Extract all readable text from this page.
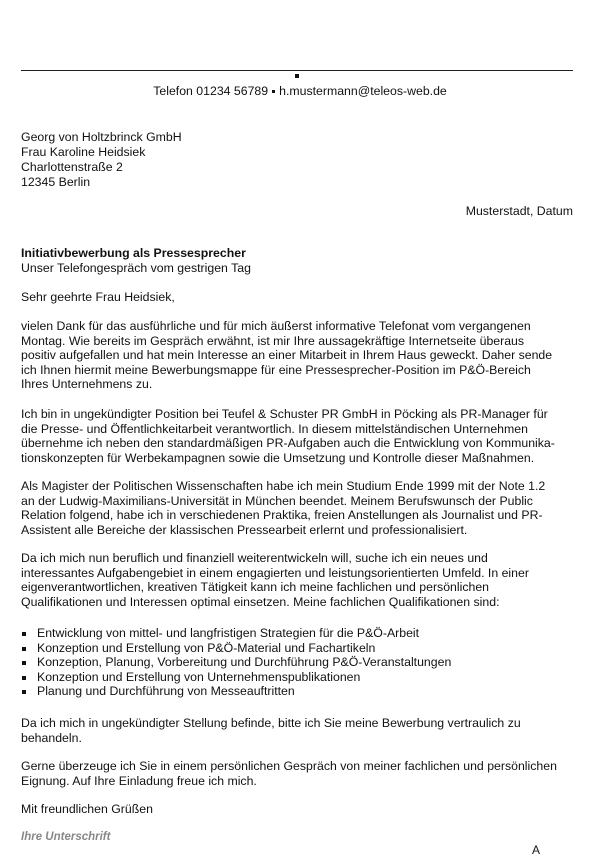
Telefon 01234 56789 h.mustermann@teleos-web.de
Georg von Holtzbrinck GmbH
Frau Karoline Heidsiek
Charlottenstraße 2
12345 Berlin
Musterstadt, Datum
Initiativbewerbung als Pressesprecher
Unser Telefongespräch vom gestrigen Tag
Sehr geehrte Frau Heidsiek,
vielen Dank für das ausführliche und für mich äußerst informative Telefonat vom vergangenen
Montag. Wie bereits im Gespräch erwähnt, ist mir Ihre aussagekräftige Internetseite überaus
positiv aufgefallen und hat mein Interesse an einer Mitarbeit in Ihrem Haus geweckt. Daher sende
ich Ihnen hiermit meine Bewerbungsmappe für eine Pressesprecher-Position im P&Ö-Bereich
Ihres Unternehmens zu.
Ich bin in ungekündigter Position bei Teufel & Schuster PR GmbH in Pöcking als PR-Manager für
die Presse- und Öffentlichkeitarbeit verantwortlich. In diesem mittelständischen Unternehmen
übernehme ich neben den standardmäßigen PR-Aufgaben auch die Entwicklung von Kommunika-
tionskonzepten für Werbekampagnen sowie die Umsetzung und Kontrolle dieser Maßnahmen.
Als Magister der Politischen Wissenschaften habe ich mein Studium Ende 1999 mit der Note 1.2
an der Ludwig-Maximilians-Universität in München beendet. Meinem Berufswunsch der Public
Relation folgend, habe ich in verschiedenen Praktika, freien Anstellungen als Journalist und PR-
Assistent alle Bereiche der klassischen Pressearbeit erlernt und professionalisiert.
Da ich mich nun beruflich und finanziell weiterentwickeln will, suche ich ein neues und
interessantes Aufgabengebiet in einem engagierten und leistungsorientierten Umfeld. In einer
eigenverantwortlichen, kreativen Tätigkeit kann ich meine fachlichen und persönlichen
Qualifikationen und Interessen optimal einsetzen. Meine fachlichen Qualifikationen sind:
Entwicklung von mittel- und langfristigen Strategien für die P&Ö-Arbeit
Konzeption und Erstellung von P&Ö-Material und Fachartikeln
Konzeption, Planung, Vorbereitung und Durchführung P&Ö-Veranstaltungen
Konzeption und Erstellung von Unternehmenspublikationen
Planung und Durchführung von Messeauftritten
Da ich mich in ungekündigter Stellung befinde, bitte ich Sie meine Bewerbung vertraulich zu
behandeln.
Gerne überzeuge ich Sie in einem persönlichen Gespräch von meiner fachlichen und persönlichen
Eignung. Auf Ihre Einladung freue ich mich.
Mit freundlichen Grüßen
Ihre Unterschrift
A
